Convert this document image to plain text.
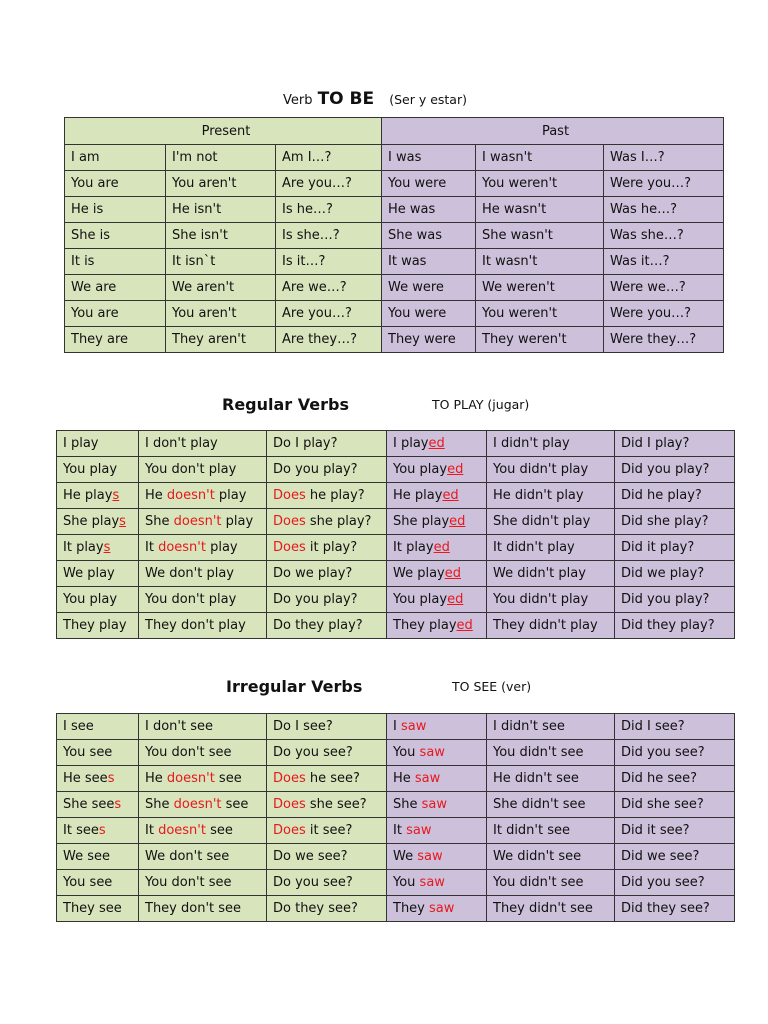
Verb TO BE (Ser y estar)
Present			Past		
I am	I'm not	Am I…?	I was	I wasn't	Was I…?
You are	You aren't	Are you…?	You were	You weren't	Were you…?
He is	He isn't	Is he…?	He was	He wasn't	Was he…?
She is	She isn't	Is she…?	She was	She wasn't	Was she…?
It is	It isn`t	Is it…?	It was	It wasn't	Was it…?
We are	We aren't	Are we…?	We were	We weren't	Were we…?
You are	You aren't	Are you…?	You were	You weren't	Were you…?
They are	They aren't	Are they…?	They were	They weren't	Were they…?
Regular Verbs	TO PLAY (jugar)
I play	I don't play	Do I play?	I played	I didn't play	Did I play?
You play	You don't play	Do you play?	You played	You didn't play	Did you play?
He plays	He doesn't play	Does he play?	He played	He didn't play	Did he play?
She plays	She doesn't play	Does she play?	She played	She didn't play	Did she play?
It plays	It doesn't play	Does it play?	It played	It didn't play	Did it play?
We play	We don't play	Do we play?	We played	We didn't play	Did we play?
You play	You don't play	Do you play?	You played	You didn't play	Did you play?
They play	They don't play	Do they play?	They played	They didn't play	Did they play?
Irregular Verbs	TO SEE (ver)
I see	I don't see	Do I see?	I saw	I didn't see	Did I see?
You see	You don't see	Do you see?	You saw	You didn't see	Did you see?
He sees	He doesn't see	Does he see?	He saw	He didn't see	Did he see?
She sees	She doesn't see	Does she see?	She saw	She didn't see	Did she see?
It sees	It doesn't see	Does it see?	It saw	It didn't see	Did it see?
We see	We don't see	Do we see?	We saw	We didn't see	Did we see?
You see	You don't see	Do you see?	You saw	You didn't see	Did you see?
They see	They don't see	Do they see?	They saw	They didn't see	Did they see?
